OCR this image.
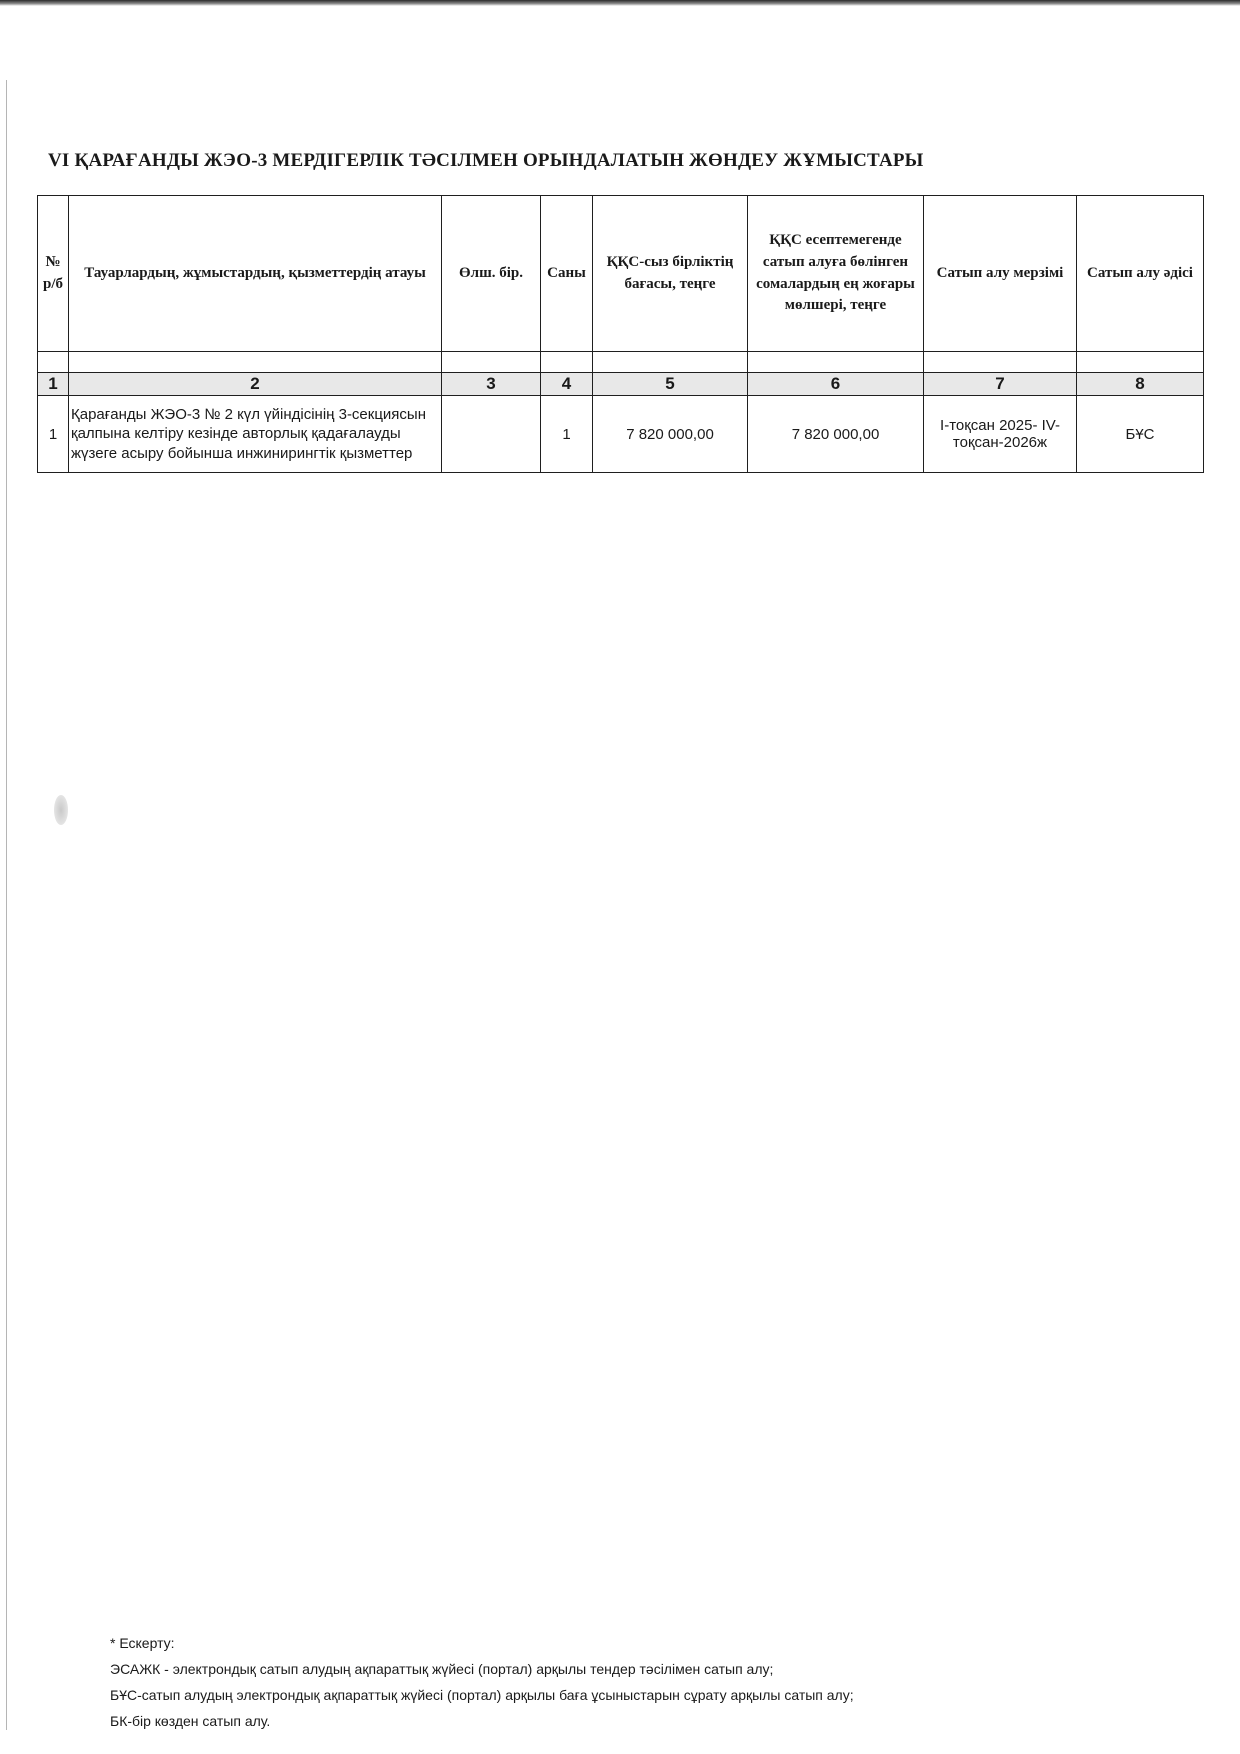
VI ҚАРАҒАНДЫ ЖЭО-3 МЕРДІГЕРЛІК ТӘСІЛМЕН ОРЫНДАЛАТЫН ЖӨНДЕУ ЖҰМЫСТАРЫ
№ р/б	Тауарлардың, жұмыстардың, қызметтердің атауы	Өлш. бір.	Саны	ҚҚС-сыз бірліктің бағасы, теңге	ҚҚС есептемегенде сатып алуға бөлінген сомалардың ең жоғары мөлшері, теңге	Сатып алу мерзімі	Сатып алу әдісі

1	2	3	4	5	6	7	8
1	Қарағанды ЖЭО-3 № 2 күл үйіндісінің 3-секциясын қалпына келтіру кезінде авторлық қадағалауды жүзеге асыру бойынша инжинирингтік қызметтер		1	7 820 000,00	7 820 000,00	І-тоқсан 2025- ІV-тоқсан-2026ж	БҰС
* Ескерту:
ЭСАЖК - электрондық сатып алудың ақпараттық жүйесі (портал) арқылы тендер тәсілімен сатып алу;
БҰС-сатып алудың электрондық ақпараттық жүйесі (портал) арқылы баға ұсыныстарын сұрату арқылы сатып алу;
БК-бір көзден сатып алу.
